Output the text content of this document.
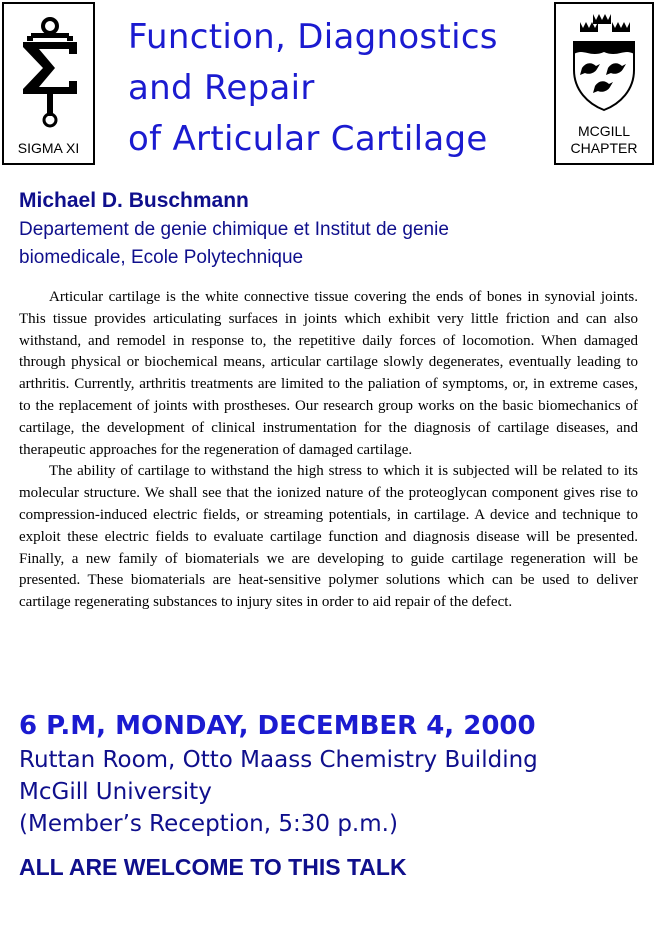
SIGMA XI
Function, Diagnostics
and Repair
of Articular Cartilage	MCGILL
CHAPTER
Michael D. Buschmann
Departement de genie chimique et Institut de genie
biomedicale, Ecole Polytechnique

Articular cartilage is the white connective tissue covering the ends of bones in synovial joints. This tissue provides articulating surfaces in joints which exhibit very little friction and can also withstand, and remodel in response to, the repetitive daily forces of locomotion. When damaged through physical or biochemical means, articular cartilage slowly degenerates, eventually leading to arthritis. Currently, arthritis treatments are limited to the paliation of symptoms, or, in extreme cases, to the replacement of joints with prostheses. Our research group works on the basic biomechanics of cartilage, the development of clinical instrumentation for the diagnosis of cartilage diseases, and therapeutic approaches for the regeneration of damaged cartilage.

The ability of cartilage to withstand the high stress to which it is subjected will be related to its molecular structure. We shall see that the ionized nature of the proteoglycan component gives rise to compression-induced electric fields, or streaming potentials, in cartilage. A device and technique to exploit these electric fields to evaluate cartilage function and diagnosis disease will be presented. Finally, a new family of biomaterials we are developing to guide cartilage regeneration will be presented. These biomaterials are heat-sensitive polymer solutions which can be used to deliver cartilage regenerating substances to injury sites in order to aid repair of the defect.

6 P.M, MONDAY, DECEMBER 4, 2000
Ruttan Room, Otto Maass Chemistry Building
McGill University
(Member’s Reception, 5:30 p.m.)
ALL ARE WELCOME TO THIS TALK
